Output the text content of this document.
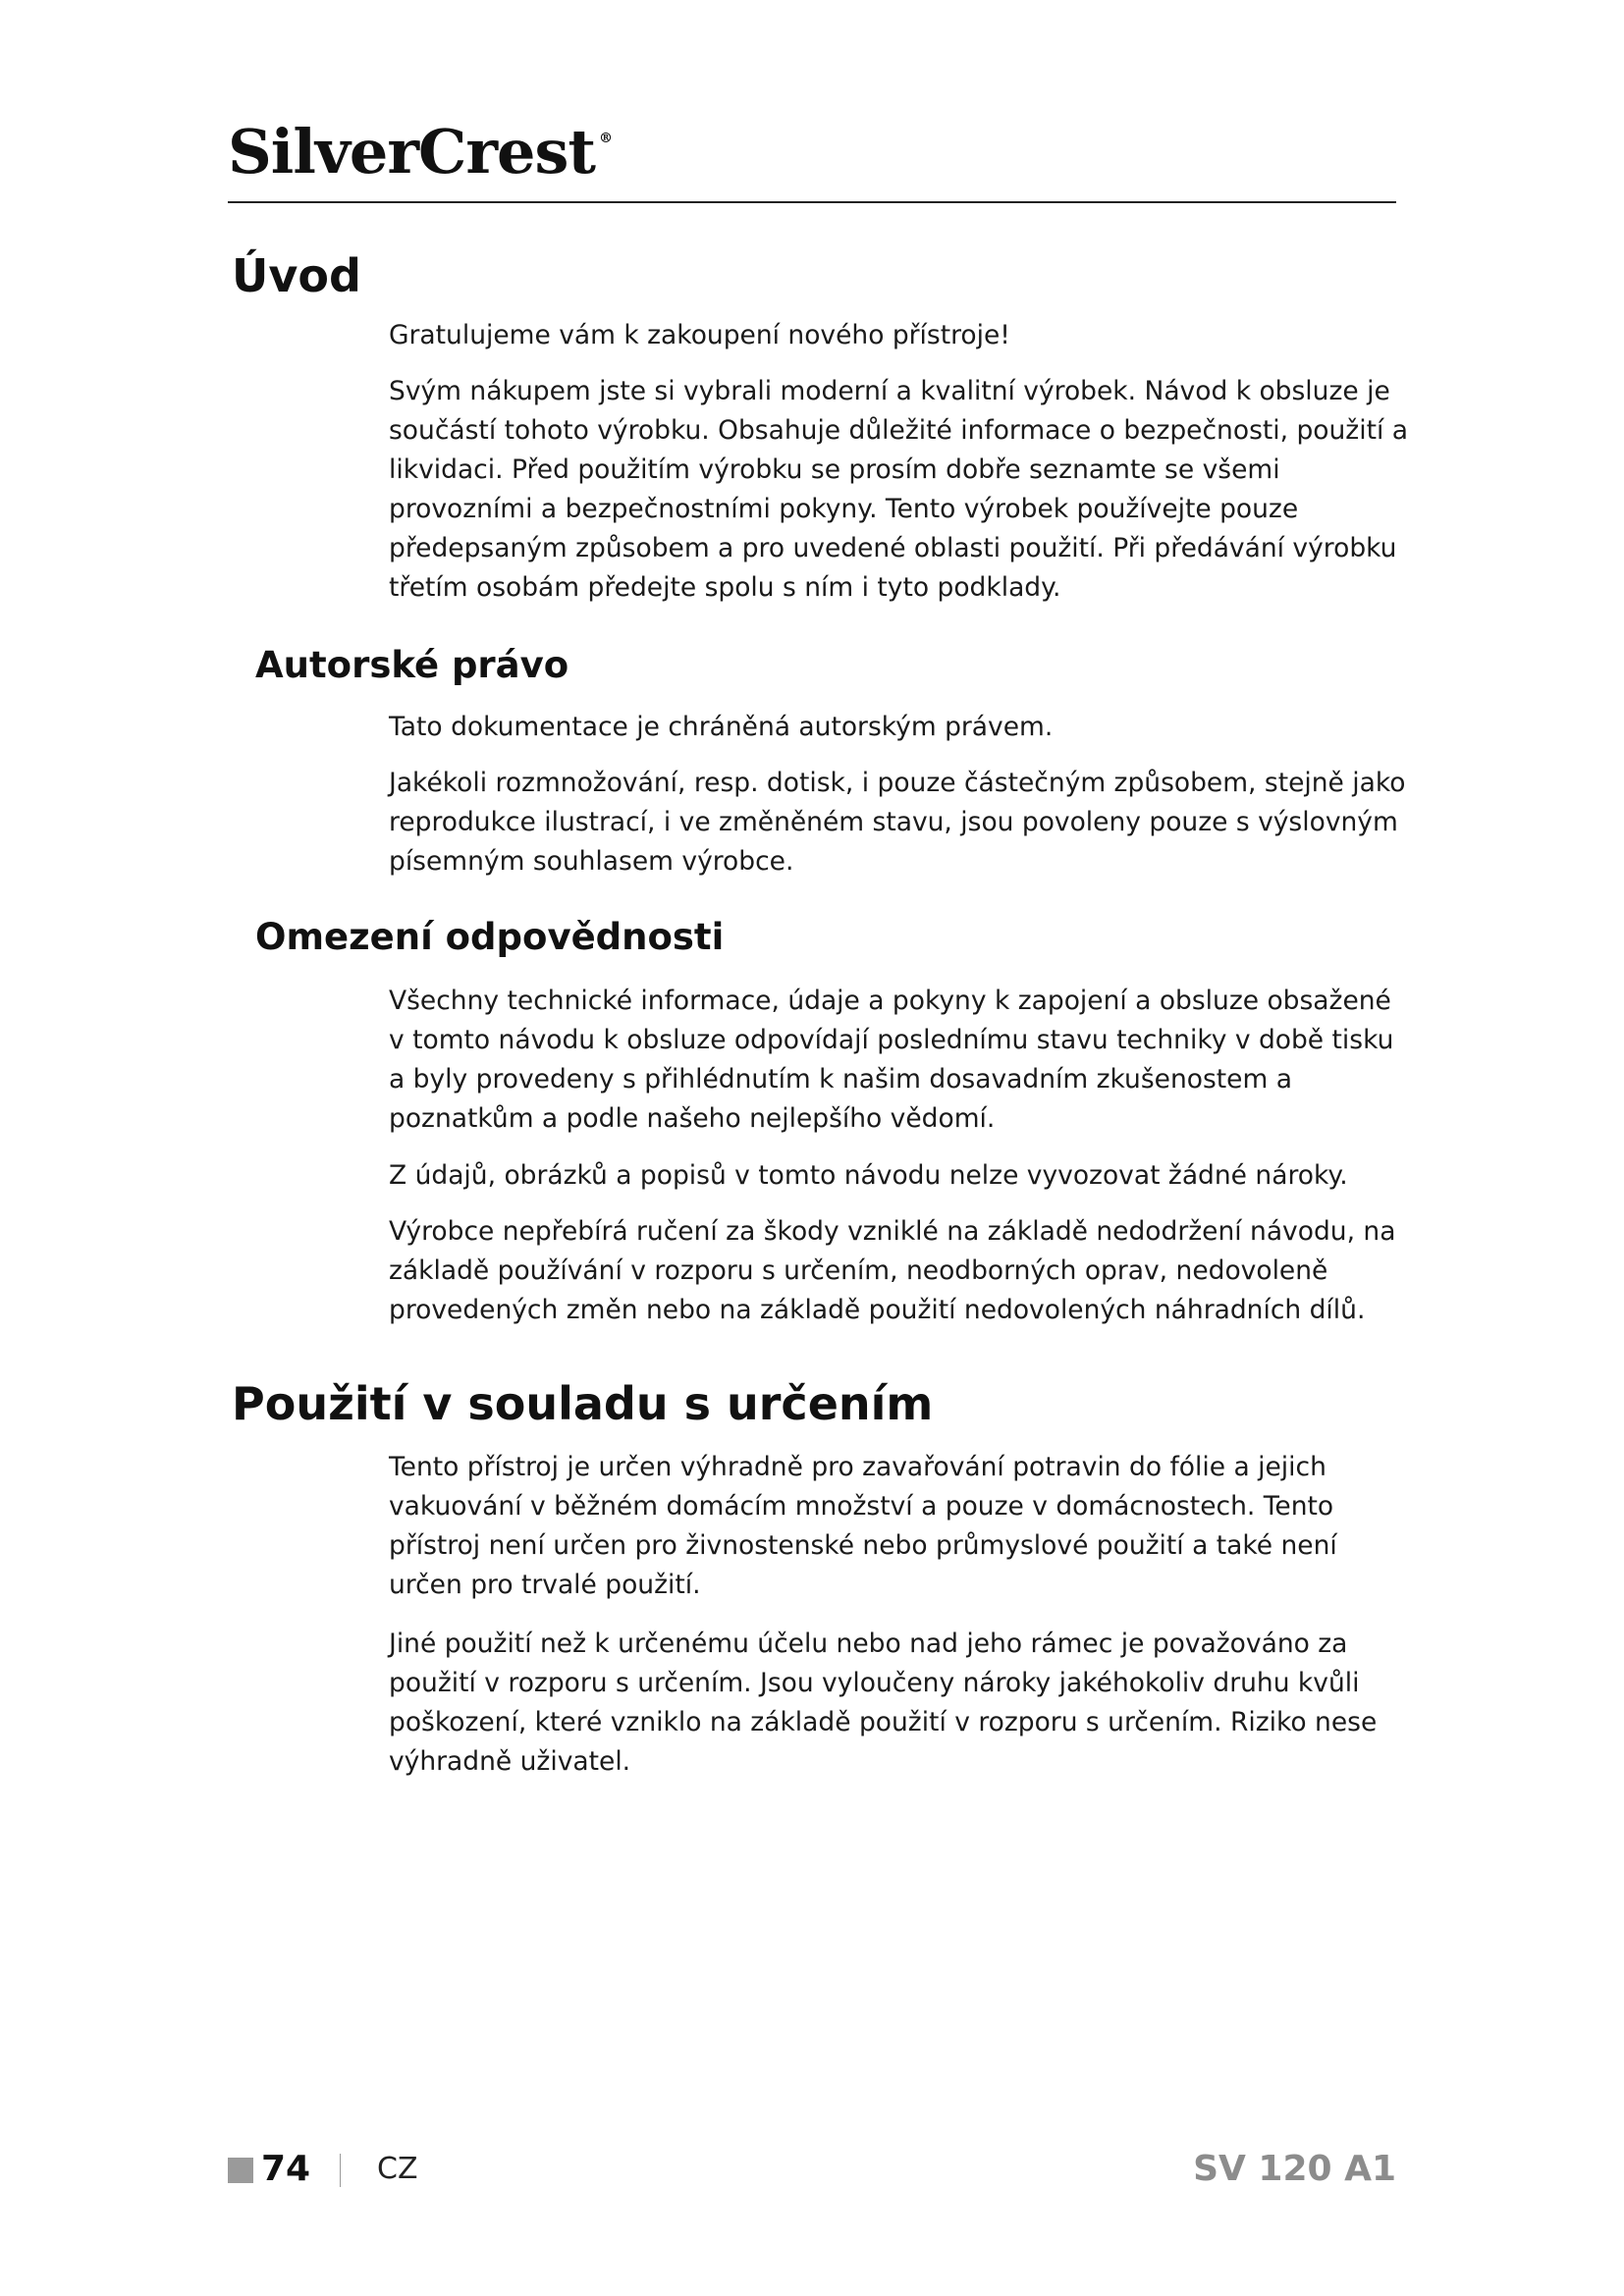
SilverCrest ®
Úvod

Gratulujeme vám k zakoupení nového přístroje!

Svým nákupem jste si vybrali moderní a kvalitní výrobek. Návod k obsluze je součástí tohoto výrobku. Obsahuje důležité informace o bezpečnosti, použití a likvidaci. Před použitím výrobku se prosím dobře seznamte se všemi provozními a bezpečnostními pokyny. Tento výrobek používejte pouze předepsaným způsobem a pro uvedené oblasti použití. Při předávání výrobku třetím osobám předejte spolu s ním i tyto podklady.

Autorské právo

Tato dokumentace je chráněná autorským právem.

Jakékoli rozmnožování, resp. dotisk, i pouze částečným způsobem, stejně jako reprodukce ilustrací, i ve změněném stavu, jsou povoleny pouze s výslovným písemným souhlasem výrobce.

Omezení odpovědnosti

Všechny technické informace, údaje a pokyny k zapojení a obsluze obsažené v tomto návodu k obsluze odpovídají poslednímu stavu techniky v době tisku a byly provedeny s přihlédnutím k našim dosavadním zkušenostem a poznatkům a podle našeho nejlepšího vědomí.

Z údajů, obrázků a popisů v tomto návodu nelze vyvozovat žádné nároky.

Výrobce nepřebírá ručení za škody vzniklé na základě nedodržení návodu, na základě používání v rozporu s určením, neodborných oprav, nedovoleně provedených změn nebo na základě použití nedovolených náhradních dílů.

Použití v souladu s určením

Tento přístroj je určen výhradně pro zavařování potravin do fólie a jejich vakuování v běžném domácím množství a pouze v domácnostech. Tento přístroj není určen pro živnostenské nebo průmyslové použití a také není určen pro trvalé použití.

Jiné použití než k určenému účelu nebo nad jeho rámec je považováno za použití v rozporu s určením. Jsou vyloučeny nároky jakéhokoliv druhu kvůli poškození, které vzniklo na základě použití v rozporu s určením. Riziko nese výhradně uživatel.

74 CZ	SV 120 A1
